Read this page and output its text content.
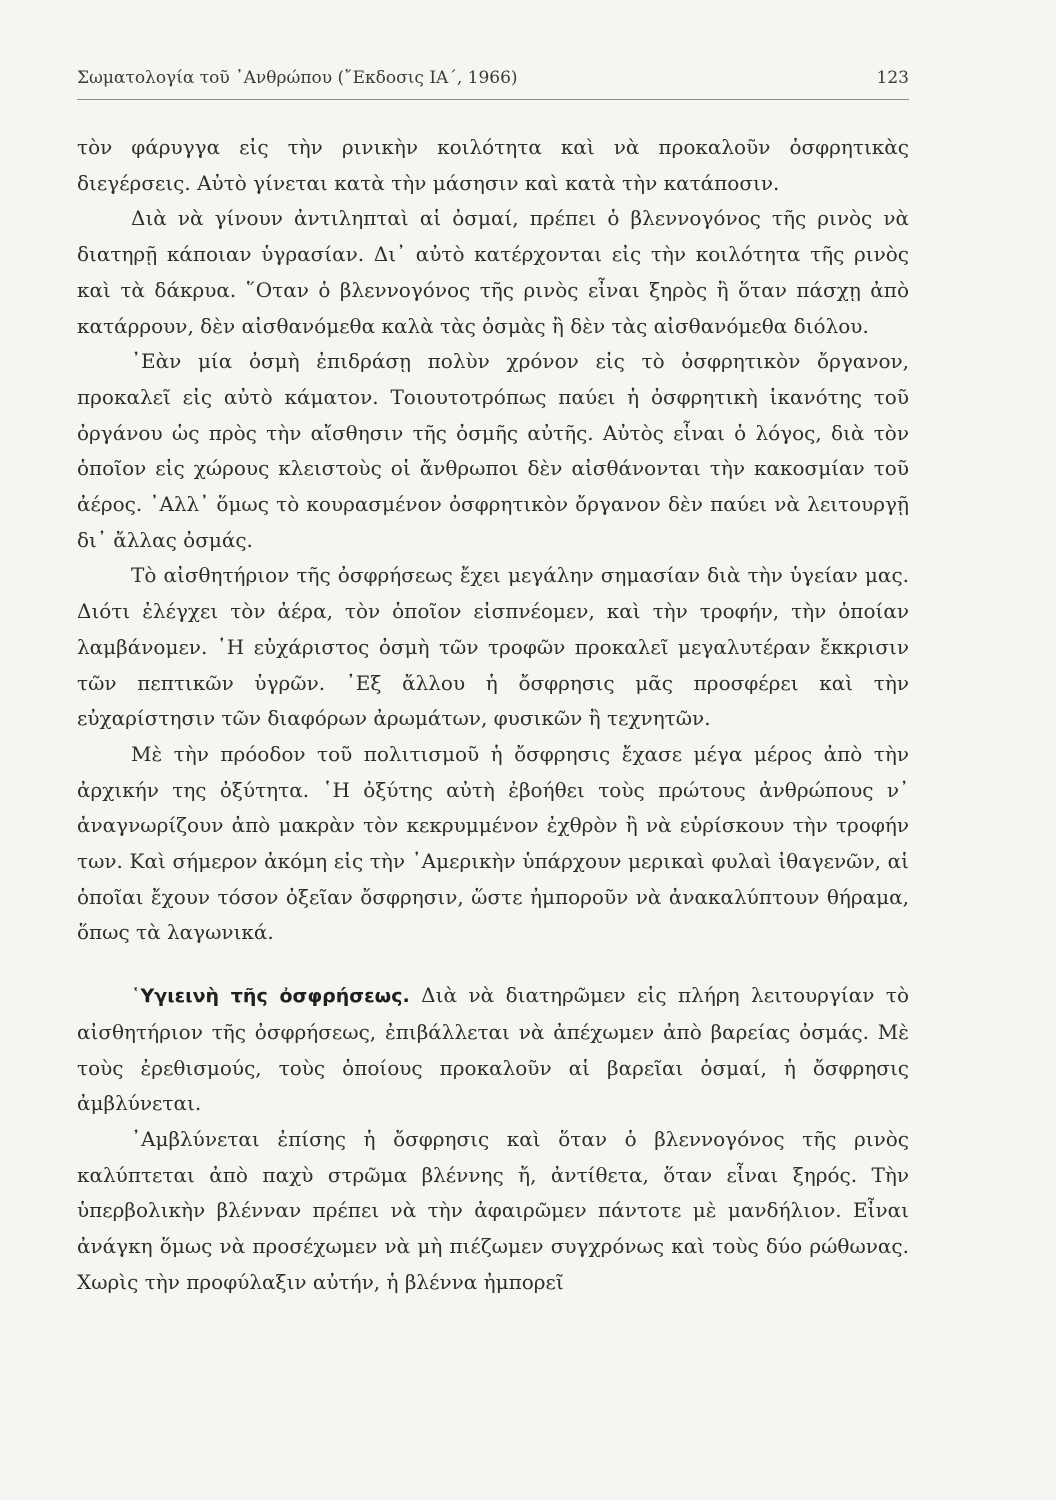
Σωματολογία τοῦ ᾿Ανθρώπου (῎Εκδοσις ΙΑ΄, 1966)	123

τὸν φάρυγγα εἰς τὴν ρινικὴν κοιλότητα καὶ νὰ προκαλοῦν ὀσφρητικὰς διεγέρσεις. Αὐτὸ γίνεται κατὰ τὴν μάσησιν καὶ κατὰ τὴν κατάποσιν.

Διὰ νὰ γίνουν ἀντιληπταὶ αἱ ὀσμαί, πρέπει ὁ βλεννογόνος τῆς ρινὸς νὰ διατηρῇ κάποιαν ὑγρασίαν. Δι᾿ αὐτὸ κατέρχονται εἰς τὴν κοιλότητα τῆς ρινὸς καὶ τὰ δάκρυα. ῞Οταν ὁ βλεννογόνος τῆς ρινὸς εἶναι ξηρὸς ἢ ὅταν πάσχῃ ἀπὸ κατάρρουν, δὲν αἰσθανόμεθα καλὰ τὰς ὀσμὰς ἢ δὲν τὰς αἰσθανόμεθα διόλου.

᾿Εὰν μία ὀσμὴ ἐπιδράσῃ πολὺν χρόνον εἰς τὸ ὀσφρητικὸν ὄργανον, προκαλεῖ εἰς αὐτὸ κάματον. Τοιουτοτρόπως παύει ἡ ὀσφρητικὴ ἱκανότης τοῦ ὀργάνου ὡς πρὸς τὴν αἴσθησιν τῆς ὀσμῆς αὐτῆς. Αὐτὸς εἶναι ὁ λόγος, διὰ τὸν ὁποῖον εἰς χώρους κλειστοὺς οἱ ἄνθρωποι δὲν αἰσθάνονται τὴν κακοσμίαν τοῦ ἀέρος. ᾿Αλλ᾿ ὅμως τὸ κουρασμένον ὀσφρητικὸν ὄργανον δὲν παύει νὰ λειτουργῇ δι᾿ ἄλλας ὀσμάς.

Τὸ αἰσθητήριον τῆς ὀσφρήσεως ἔχει μεγάλην σημασίαν διὰ τὴν ὑγείαν μας. Διότι ἐλέγχει τὸν ἀέρα, τὸν ὁποῖον εἰσπνέομεν, καὶ τὴν τροφήν, τὴν ὁποίαν λαμβάνομεν. ῾Η εὐχάριστος ὀσμὴ τῶν τροφῶν προκαλεῖ μεγαλυτέραν ἔκκρισιν τῶν πεπτικῶν ὑγρῶν. ᾿Εξ ἄλλου ἡ ὄσφρησις μᾶς προσφέρει καὶ τὴν εὐχαρίστησιν τῶν διαφόρων ἀρωμάτων, φυσικῶν ἢ τεχνητῶν.

Μὲ τὴν πρόοδον τοῦ πολιτισμοῦ ἡ ὄσφρησις ἔχασε μέγα μέρος ἀπὸ τὴν ἀρχικήν της ὀξύτητα. ῾Η ὀξύτης αὐτὴ ἐβοήθει τοὺς πρώτους ἀνθρώπους ν᾿ ἀναγνωρίζουν ἀπὸ μακρὰν τὸν κεκρυμμένον ἐχθρὸν ἢ νὰ εὑρίσκουν τὴν τροφήν των. Καὶ σήμερον ἀκόμη εἰς τὴν ᾿Αμερικὴν ὑπάρχουν μερικαὶ φυλαὶ ἰθαγενῶν, αἱ ὁποῖαι ἔχουν τόσον ὀξεῖαν ὄσφρησιν, ὥστε ἠμποροῦν νὰ ἀνακαλύπτουν θήραμα, ὅπως τὰ λαγωνικά.

῾Υγιεινὴ τῆς ὀσφρήσεως. Διὰ νὰ διατηρῶμεν εἰς πλήρη λειτουργίαν τὸ αἰσθητήριον τῆς ὀσφρήσεως, ἐπιβάλλεται νὰ ἀπέχωμεν ἀπὸ βαρείας ὀσμάς. Μὲ τοὺς ἐρεθισμούς, τοὺς ὁποίους προκαλοῦν αἱ βαρεῖαι ὀσμαί, ἡ ὄσφρησις ἀμβλύνεται.

᾿Αμβλύνεται ἐπίσης ἡ ὄσφρησις καὶ ὅταν ὁ βλεννογόνος τῆς ρινὸς καλύπτεται ἀπὸ παχὺ στρῶμα βλέννης ἤ, ἀντίθετα, ὅταν εἶναι ξηρός. Τὴν ὑπερβολικὴν βλένναν πρέπει νὰ τὴν ἀφαιρῶμεν πάντοτε μὲ μανδήλιον. Εἶναι ἀνάγκη ὅμως νὰ προσέχωμεν νὰ μὴ πιέζωμεν συγχρόνως καὶ τοὺς δύο ρώθωνας. Χωρὶς τὴν προφύλαξιν αὐτήν, ἡ βλέννα ἠμπορεῖ
